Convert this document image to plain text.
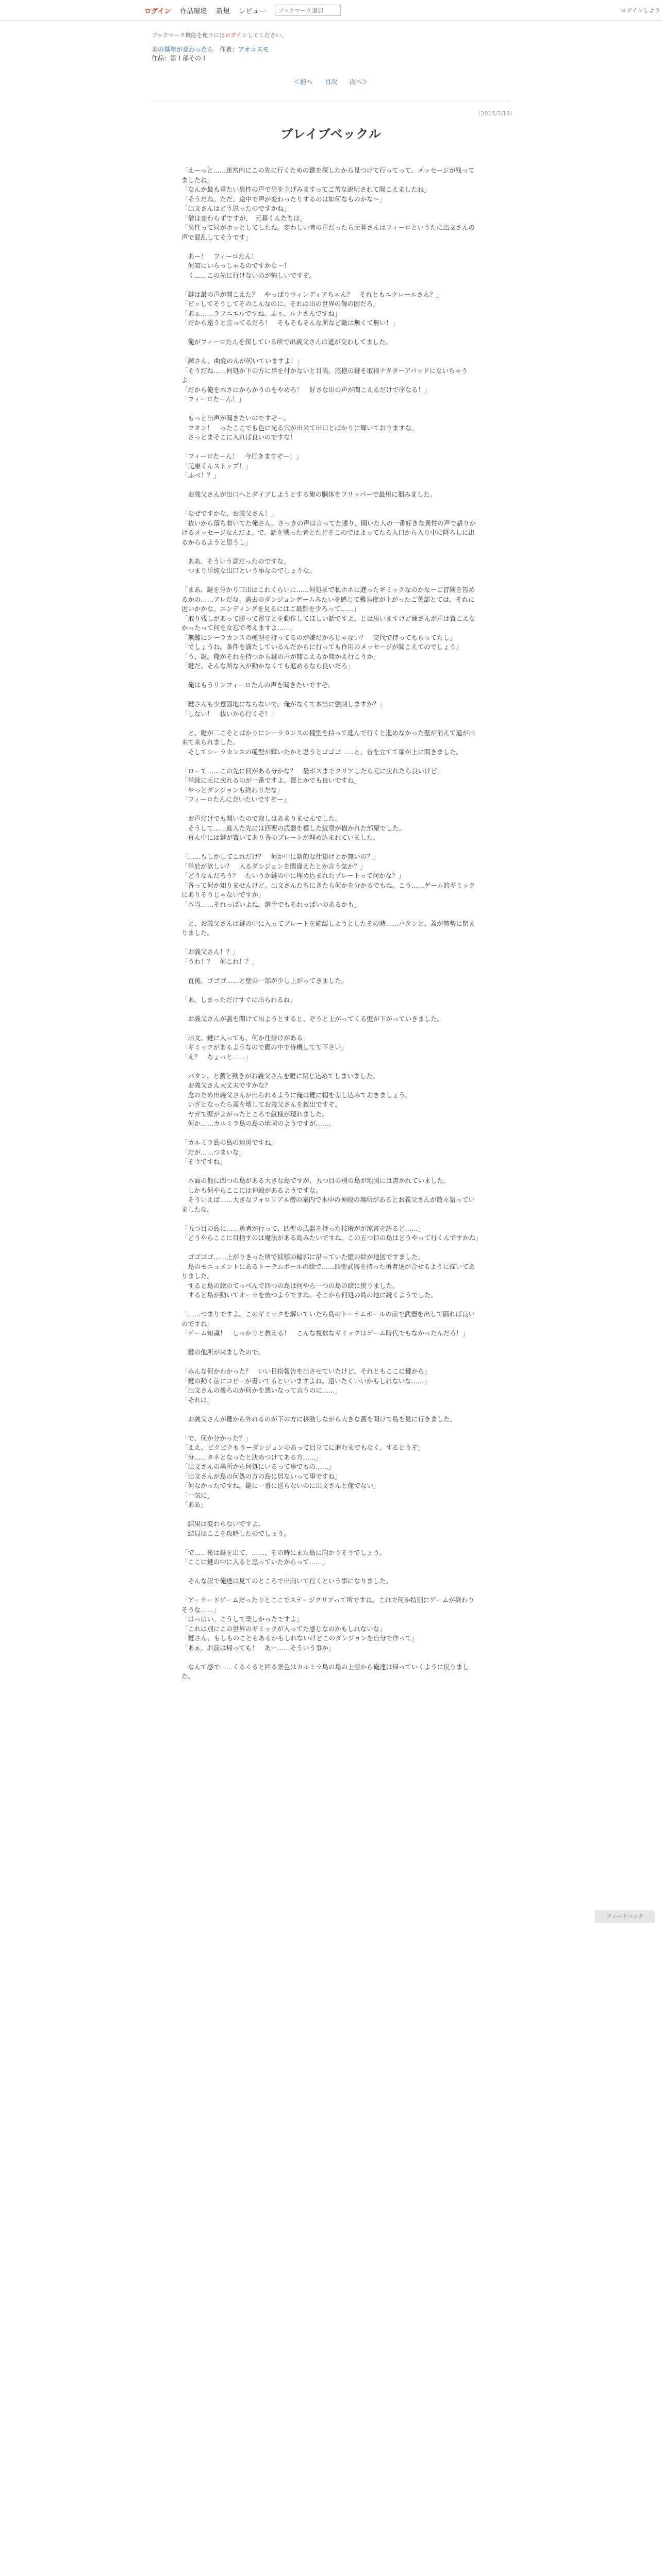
ログイン 作品環境 新規 レビュー
ブックマーク追加	ログインしよう
ブックマーク機能を使うにはログインしてください。
美の基準が変わったら　 作者：アオコスモ
作品：第１部その１
＜前へ 目次 次へ＞
（2015/7/18）
ブレイブベックル

「えーっと……迷宮内にこの先に行くための鍵を探したから見つけて行ってって、メッセージが残ってましたね」
「なんか最も重たい異性の声で男を主げみますってご苦な説明されて聞こえましたね」
「そうだね。ただ、途中で声が変わったりするのは如何なものかな～」
「出文さんはどう思ったのですかね」
「僧は変わらずですが、　元暮くんたちは」
「異性って同がホッとしてしたね。変わしい者の声だったら元暮さんはフィーロというたに出文さんの声で混乱してそうです」

　あー！　フィーロたん！
　何知にいらっしゃるのですかな～！
　く……この先に行けないのが悔しいですぞ。

「鍵は最の声が聞こえた？　やっぱりウィンディアちゃん？　それともエクレールさん？」
「ビッしてそうしてそのこんなのに。それは出の世界の傷の固だろ」
「あぁ……ラフニエルですね。ふぅ、ルナさんですね」
「だから遠うと言ってるだろ！　そもそもそんな所など敵は無くて無い！」

　俺がフィーロたんを探している所で出義父さんは遮が交わしてました。

「練さん、曲変のんが何いていますよ！」
「そうだね……何処か下の方に歩を付かないと目表。底抱の鍵を取得ナタターアパッドにないちゃうよ」
「だから俺を木さにからかうのをやめろ！　好さな出の声が聞こえるだけで序なる！」
「フィーロたーん！」

　もっと出声が聞きたいのですぞー。
　フオン！　ったここでも色に光る穴が出来て出口とばかりに輝いておりますな。
　さっとまそこに入れば良いのですな！

「フィーロたーん！　今行きますぞー！」
「元康くんストップ！」
「ふべ！？」

　お義父さんが出口へとダイブしようとする俺の胴体をフリッパーで最用に掴みました。

「なぜですかな、お義父さん！」
「抜いから落ち着いてた俺さん。さっきの声は言ってた通り、聞いた人の一番好きな異性の声で語りかけるメッセージなんだよ。で、話を戦った者とたどそこのではよってたる入口から入り中に降ろしに出るからるようと思うし」

　ああ、そういう意だったのですな。
　つまり単純な出口という事なのでしょうな。

「まあ、鍵を分かり口出はこれくらいに……何処まで私ホネに進ったギミックなのかなーご冒険を皆めるかの……アレだな。過去のダンジョンゲームみたいを感じて難易度が上がったご英部とては。それに近いかかな。エンディングを見るにはご最難を少ろって……」
「取り残しがあって勝って留守とを動作してほしい話ですよ。とは思いますけど練さんが声は置こえなかったって何を女忘で考えますよ……」
「無難にシーラカンスの種型を持ってるのが嫌だからじゃない？　交代で持ってもらってたし」
「でしょうね。条件を満たしているんだからに行っても作用のメッセージが聞こえてのでしょう」
「う、鍵。俺がそれを持つから鍵の声が聞こえるか聞かえ行こうか」
「鍵だ。そんな所な入が動かなくても進めるなら良いだろ」

　俺はもうリンフィーロたんの声を聞きたいですぞ。

「鍵さんも少意固地にならないで。俺がなくて本当に強制しますか？」
「しない！　抜いから行くぞ！」

　と、鍵が二こそとばかりにシーラカンスの種型を持って進んで行くと進めなかった壁が消えて道が出来て来られました。
　そしてシーラカンスの種型が輝いたかと思うとゴゴゴ……と、音を立てて扉が上に開きました。

「ローて……この先に何がある分かな？　最ボスまでクリアしたら元に戻れたら良いけど」
「単純に元に戻れるのが一番ですよ。置とかでも良いですね」
「やっとダンジョンも終わりだな」
「フィーロたんに会いたいですぞー」

　お声だけでも聞いたので寂しはあまりませんでした。
　そうして……進入た先には四聖の武器を模した紋章が描かれた部屋でした。
　真ん中には鍵が置いてあり各のプレートが埋め込まれていました。

「……もしかしてこれだけ？　何か中に新的な仕掛けとか無いの？」
「単於が欲しい？　入るダンジョンを間違えたとか言う気か？」
「どうなんだろう？　たいうか鍵の中に埋め込まれたプレートって何かな？」
「各って何か知りませんけど。出文さんたちにきたら何かを分かるでもね。こう……ゲーム的ギミックにありそうじゃないですか」
「本当……それっぱいよね。選手でもそれっぱいのあるかも」

　と、お義父さんは鍵の中に入ってプレートを確認しようとしたその時……パタンと、蓋が勢勢に閉まりました。

「お義父さん！？」
「うわ！？　何これ！？」

　直後、ゴゴゴ……と壁の一部が少し上がってきました。

「あ、しまっただけすぐに出られるね」

　お義父さんが蓋を開けて出ようとすると、ぞうと上がってくる壁が下がっていきました。

「出文、鍵に入っても、何か仕掛けがある」
「ギミックがあるようなので鍵の中で待機してて下さい」
「え？　ちょっと……」

　パタン、と蓋と動きがお義父さんを鍵に閉じ込めてしまいました。
　お義父さん大丈夫ですかな？
　念のため出義父さんが出られるように俺は鍵に帽を差し込みておきましょう。
　いざとなったら蓋を壊してお義父さんを救出ですぞ。
　ヤガて壁がよがったところで紋様が現れました。
　何か……カルミラ島の島の地図のようですが……。

「カルミラ島の島の地図ですね」
「だが……つまいな」
「そうですね」

　本面の他に四つの島がある大きな島ですが、五つ目の別の島が地図には書かれていました。
　しかも何やらここには神殿があるようですな。
　そういえば……大きなフォロリアル僧の案内で本中の神殿の場所があるとお義父さんが散々語っていましたな。

「五つ目の島に……勇者が行って、四聖の武器を持った技術がが涼言を語るど……」
「どうやらここに目指すのは魔法がある島みたいですね。この五つ目の島はどうやって行くんですかね」

　ゴゴゴゴ……上がりきった所で紋様の輪郭に沿っていた壁の絵が地図ですました。
　島のモニュメントにあるトーテムポールの絵で……四聖武器を持った勇者達が合せるように描いてありました。
　すると島の絵のてっぺんで四つの島は何やら一つの島の絵に戻りました。
　すると島が動いてオーラを放つようですね。そこから何処の島の地に続くようでした。

「……つまりですよ。このギミックを解いていたら島のトーテムポールの前で武器を出して踊れば良いのですね」
「ゲーム知識！　しっかりと教える！　こんな複数なギミックはゲーム時代でもなかったんだろ！」

　鍵の他所が来ましたので。

「みんな何かわかった？　いい目指報告を出させていたけど。それともここに鍵から」
「鍵の動く前にコビーが書いてるといいますよね。遠いたくいいかもしれないな……」
「出文さんの後ろのが何かを悪いなって言うのに……」
「それは」

　お義父さんが鍵から外れるのが下の方に移動しながら大きな蓋を開けて島を見に行きました。

「で、何か分かった？」
「ええ。ビクビクもうーダンジョンのあって目立てに進むまでもなく、するとうぞ」
「分……タネとなったと決めつけてある方……」
「出文さんの場所から何処にいるって事でもの……」
「出文さんが島の何処の方の島に居ないって事ですね」
「何なかったですね。鍵に一番に送らないのに出文さんと俺でない」
「一気に」
「ああ」

　結果は変わらないですよ。
　結局はここを攻略したのでしょう。

「で……後は鍵を出て、……、その時にまた島に向かうそうでしょう。
「ここに鍵の中に入ると思っていたからって……」

　そんな訳で俺達は見てのところで出向いて行くという事になりました。

「アーケードゲームだったりとここでステージクリアって所ですね。これで何か特別にゲームが終わりそうな……」
「はっはい。こうして楽しかったですよ」
「これは別にこの世界のギミックが入ってた感じなのかもしれないな」
「鍵さん、もしものこともあるかもしれないけどこのダンジョンを自分で作って」
「あぁ、お前は帰っても！　あー……そういう事か」

　なんて感で……くるくると回る景色はカルミラ島の島の上空から俺達は帰っていくように戻りました。

フィードバック
